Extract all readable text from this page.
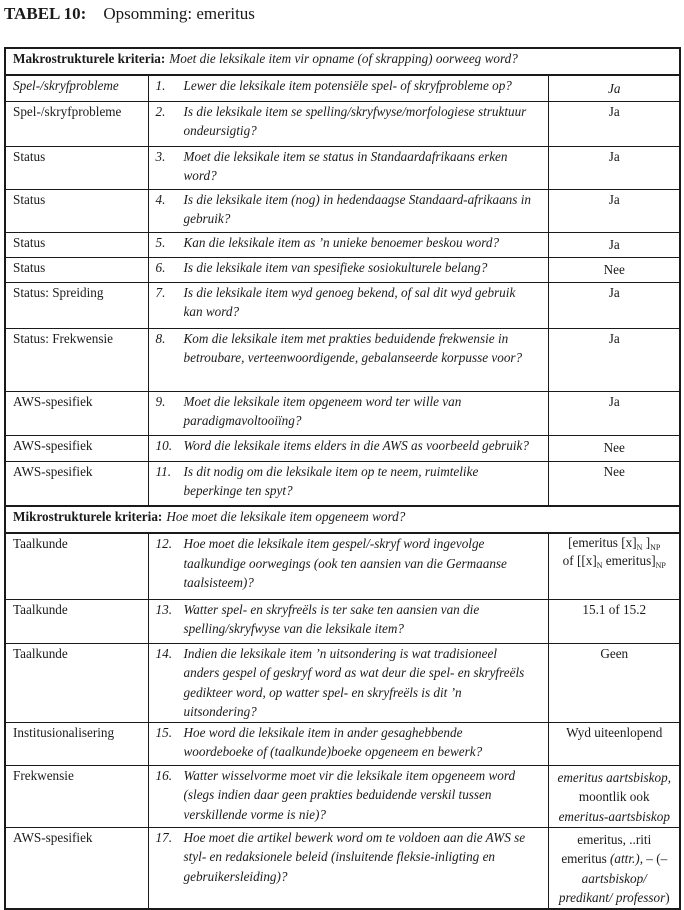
TABEL 10: Opsomming: emeritus
Makrostrukturele kriteria: Moet die leksikale item vir opname (of skrapping) oorweeg word?		
Spel-/skryfprobleme	1. Lewer die leksikale item potensiële spel- of skryfprobleme op?	Ja
Spel-/skryfprobleme	2. Is die leksikale item se spelling/skryfwyse/morfologiese struktuur ondeursigtig?	Ja
Status	3. Moet die leksikale item se status in Standaardafrikaans erken word?	Ja
Status	4. Is die leksikale item (nog) in hedendaagse Standaard-afrikaans in gebruik?	Ja
Status	5. Kan die leksikale item as ’n unieke benoemer beskou word?	Ja
Status	6. Is die leksikale item van spesifieke sosiokulturele belang?	Nee
Status: Spreiding	7. Is die leksikale item wyd genoeg bekend, of sal dit wyd gebruik kan word?	Ja
Status: Frekwensie	8. Kom die leksikale item met prakties beduidende frekwensie in betroubare, verteenwoordigende, gebalanseerde korpusse voor?	Ja
AWS-spesifiek	9. Moet die leksikale item opgeneem word ter wille van paradigmavoltooiïng?	Ja
AWS-spesifiek	10. Word die leksikale items elders in die AWS as voorbeeld gebruik?	Nee
AWS-spesifiek	11. Is dit nodig om die leksikale item op te neem, ruimtelike beperkinge ten spyt?	Nee
Mikrostrukturele kriteria: Hoe moet die leksikale item opgeneem word?		
Taalkunde	12. Hoe moet die leksikale item gespel/-skryf word ingevolge taalkundige oorwegings (ook ten aansien van die Germaanse taalsisteem)?	[emeritus $[x]_N$ ]$_{NP}$
of [$[x]_N$ $emeritus]_{NP}$
Taalkunde	13. Watter spel- en skryfreëls is ter sake ten aansien van die spelling/skryfwyse van die leksikale item?	15.1 of 15.2
Taalkunde	14. Indien die leksikale item ’n uitsondering is wat tradisioneel anders gespel of geskryf word as wat deur die spel- en skryfreëls gedikteer word, op watter spel- en skryfreëls is dit ’n uitsondering?	Geen
Institusionalisering	15. Hoe word die leksikale item in ander gesaghebbende woordeboeke of (taalkunde)boeke opgeneem en bewerk?	Wyd uiteenlopend
Frekwensie	16. Watter wisselvorme moet vir die leksikale item opgeneem word (slegs indien daar geen prakties beduidende verskil tussen verskillende vorme is nie)?	emeritus aartsbiskop, moontlik ook emeritus-aartsbiskop
AWS-spesifiek	17. Hoe moet die artikel bewerk word om te voldoen aan die AWS se styl- en redaksionele beleid (insluitende fleksie-inligting en gebruikersleiding)?	emeritus, ..riti emeritus (attr.), – (– aartsbiskop/ predikant/ professor)
